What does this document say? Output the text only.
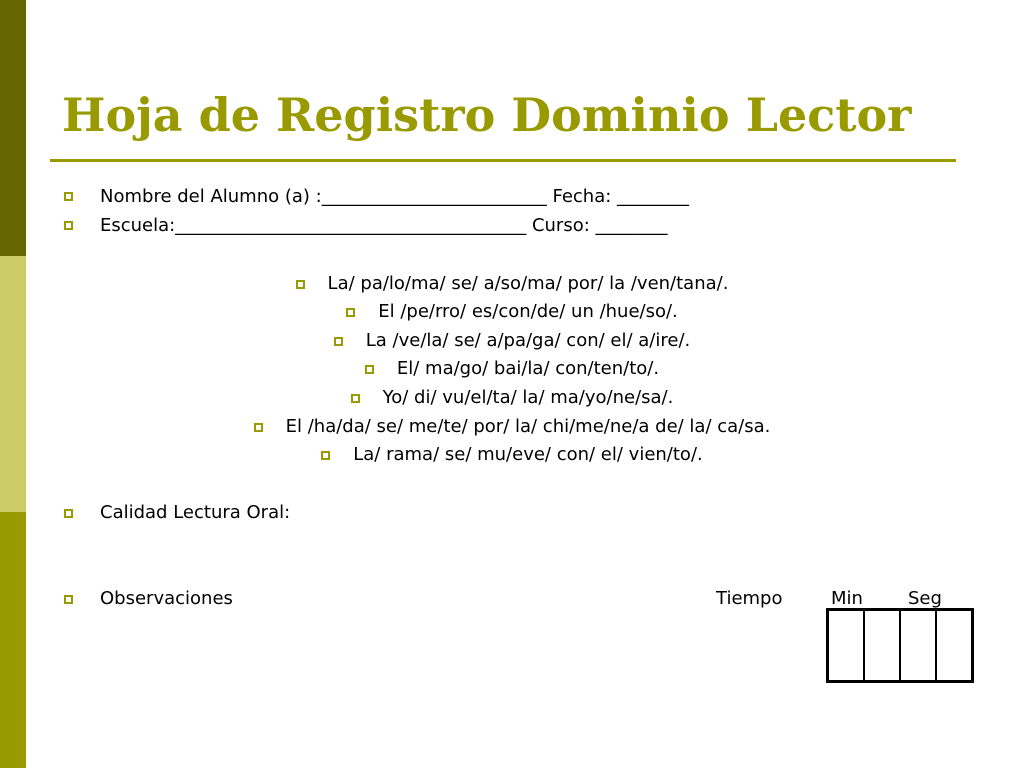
Hoja de Registro Dominio Lector
Nombre del Alumno (a) :_________________________ Fecha: ________
Escuela:_______________________________________ Curso: ________
La/ pa/lo/ma/ se/ a/so/ma/ por/ la /ven/tana/.
El /pe/rro/ es/con/de/ un /hue/so/.
La /ve/la/ se/ a/pa/ga/ con/ el/ a/ire/.
El/ ma/go/ bai/la/ con/ten/to/.
Yo/ di/ vu/el/ta/ la/ ma/yo/ne/sa/.
El /ha/da/ se/ me/te/ por/ la/ chi/me/ne/a de/ la/ ca/sa.
La/ rama/ se/ mu/eve/ con/ el/ vien/to/.
Calidad Lectura Oral:
Observaciones	Tiempo	Min	Seg
